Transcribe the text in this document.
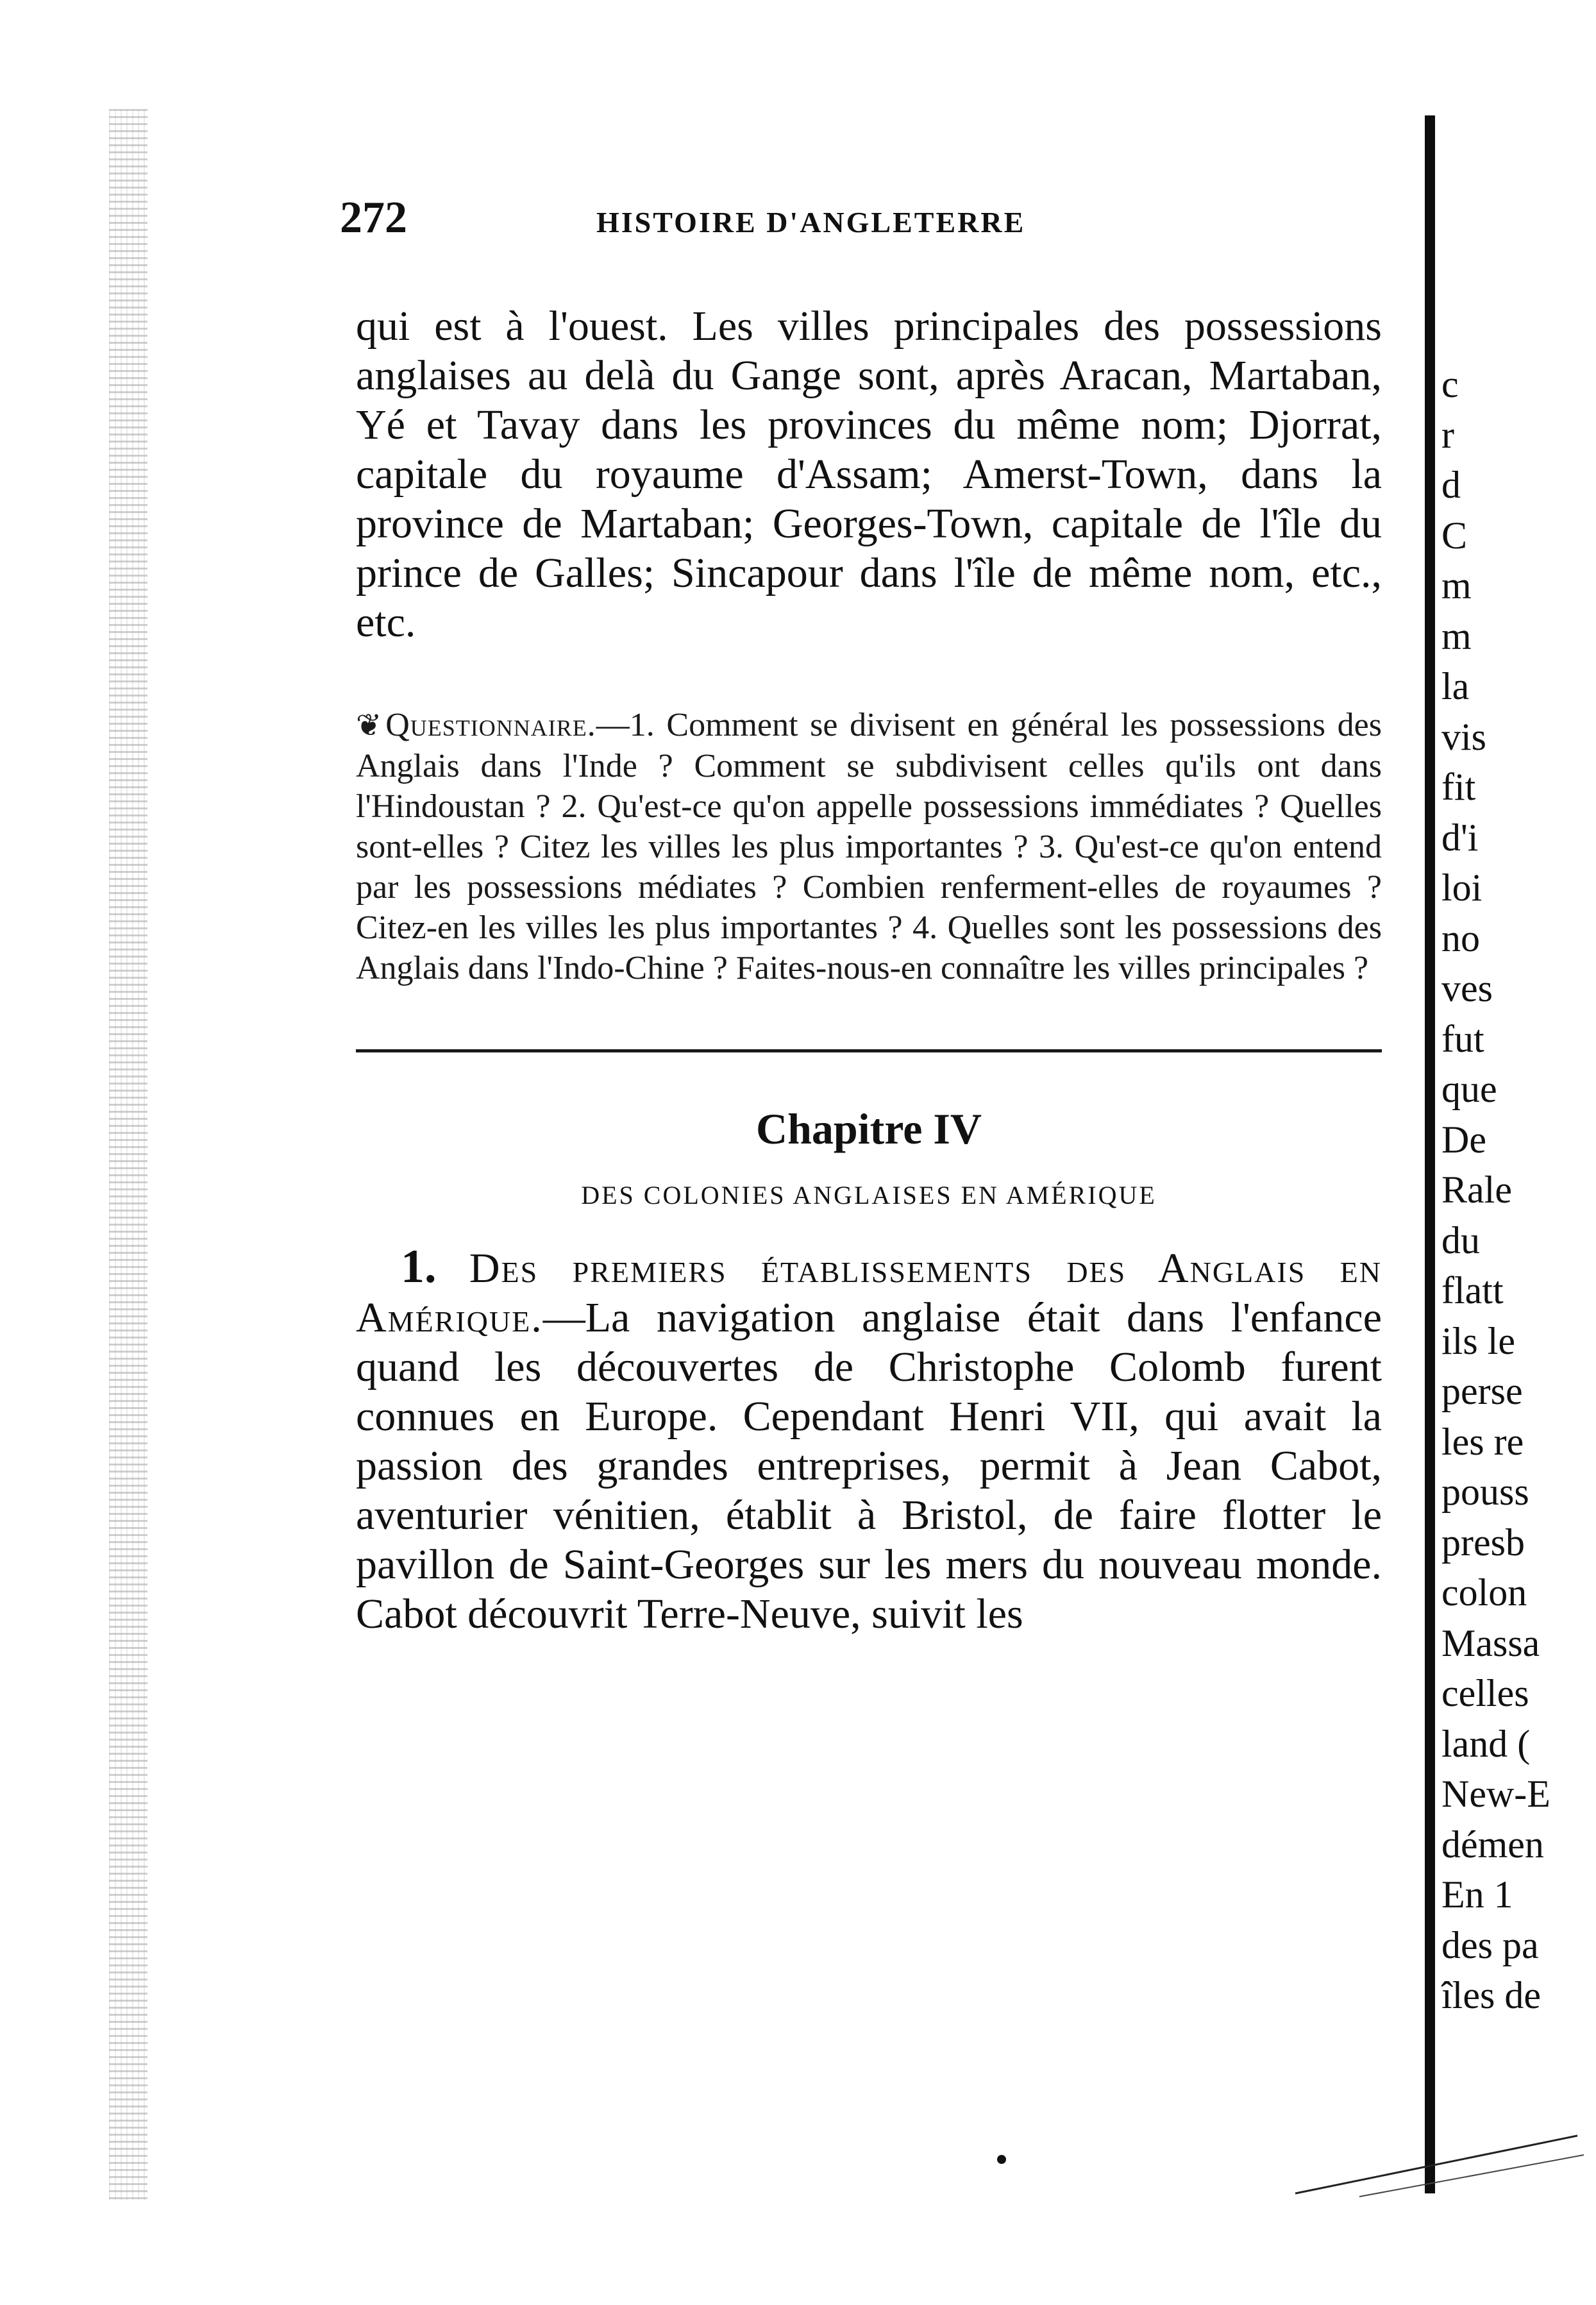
272	HISTOIRE D'ANGLETERRE

qui est à l'ouest. Les villes principales des possessions anglaises au delà du Gange sont, après Aracan, Martaban, Yé et Tavay dans les provinces du même nom; Djorrat, capitale du royaume d'Assam; Amerst-Town, dans la province de Martaban; Georges-Town, capitale de l'île du prince de Galles; Sincapour dans l'île de même nom, etc., etc.

❦ Questionnaire.—1. Comment se divisent en général les possessions des Anglais dans l'Inde ? Comment se subdivisent celles qu'ils ont dans l'Hindoustan ? 2. Qu'est-ce qu'on appelle possessions immédiates ? Quelles sont-elles ? Citez les villes les plus importantes ? 3. Qu'est-ce qu'on entend par les possessions médiates ? Combien renferment-elles de royaumes ? Citez-en les villes les plus importantes ? 4. Quelles sont les possessions des Anglais dans l'Indo-Chine ? Faites-nous-en connaître les villes principales ?

Chapitre IV
DES COLONIES ANGLAISES EN AMÉRIQUE

1. Des premiers établissements des Anglais en Amérique.—La navigation anglaise était dans l'enfance quand les découvertes de Christophe Colomb furent connues en Europe. Cependant Henri VII, qui avait la passion des grandes entreprises, permit à Jean Cabot, aventurier vénitien, établit à Bristol, de faire flotter le pavillon de Saint-Georges sur les mers du nouveau monde. Cabot découvrit Terre-Neuve, suivit les

c
r
d
C
m
m
la
vis
fit
d'i
loi
no
ves
fut
que
De
Rale
du
flatt
ils le
perse
les re
pouss
presb
colon
Massa
celles
land (
New-E
démen
En 1
des pa
îles de
